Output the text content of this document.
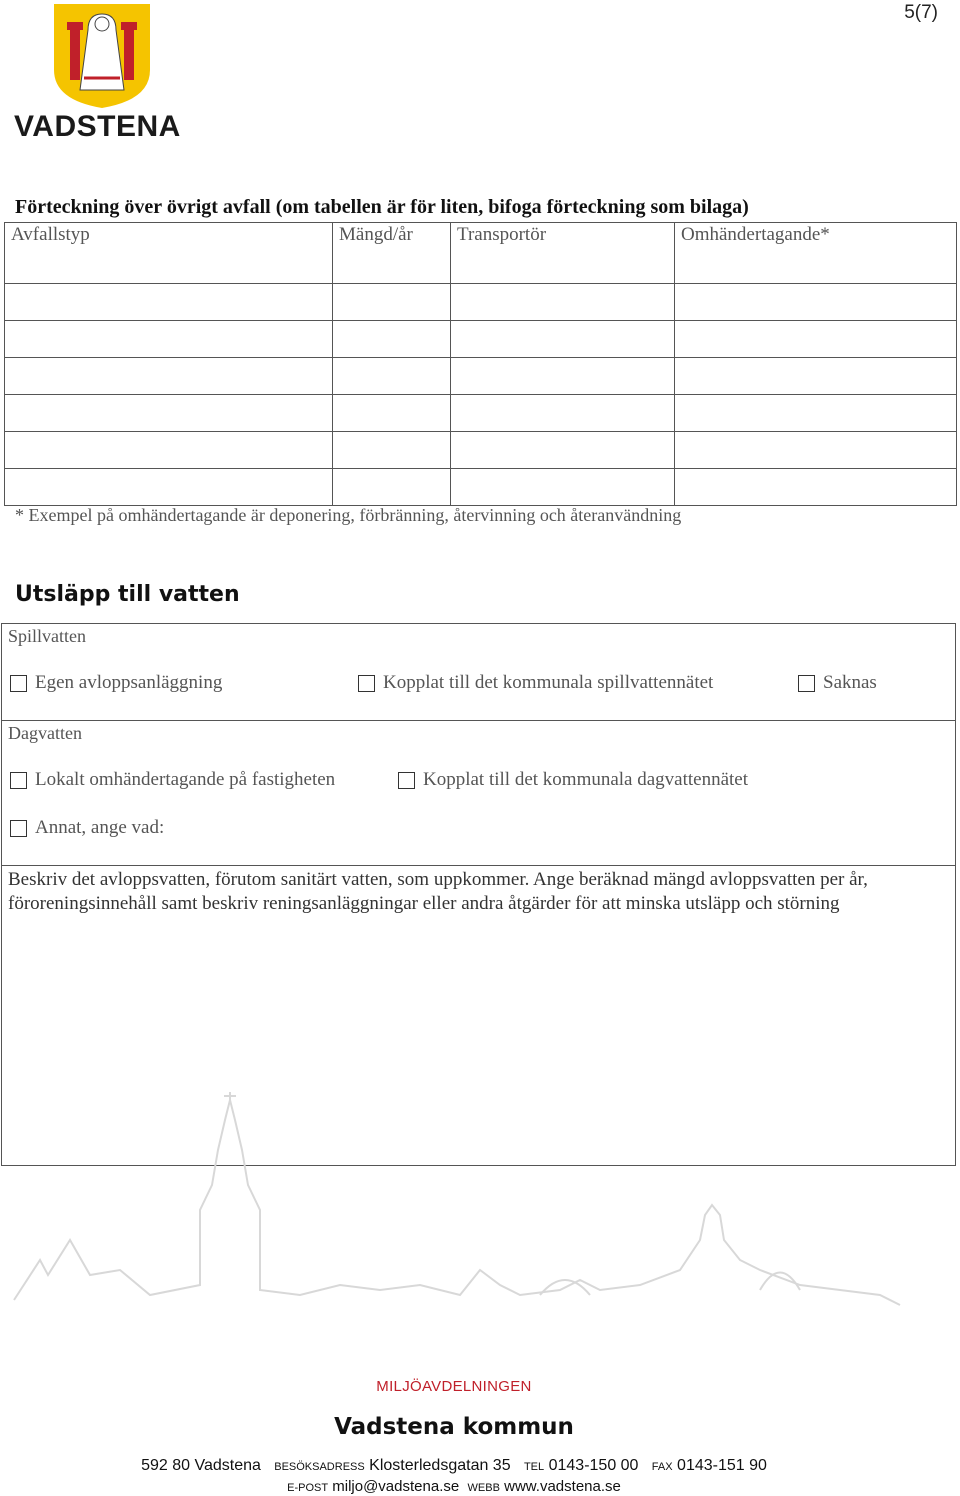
5(7)
VADSTENA
Förteckning över övrigt avfall (om tabellen är för liten, bifoga förteckning som bilaga)
Avfallstyp	Mängd/år	Transportör	Omhändertagande*

* Exempel på omhändertagande är deponering, förbränning, återvinning och återanvändning
Utsläpp till vatten
Spillvatten
Egen avloppsanläggning	Kopplat till det kommunala spillvattennätet	Saknas
Dagvatten
Lokalt omhändertagande på fastigheten	Kopplat till det kommunala dagvattennätet
Annat, ange vad:
Beskriv det avloppsvatten, förutom sanitärt vatten, som uppkommer. Ange beräknad mängd avloppsvatten per år, föroreningsinnehåll samt beskriv reningsanläggningar eller andra åtgärder för att minska utsläpp och störning
MILJÖAVDELNINGEN
Vadstena kommun
592 80 Vadstena BESÖKSADRESS Klosterledsgatan 35 TEL 0143-150 00 FAX 0143-151 90
E-POST miljo@vadstena.se WEBB www.vadstena.se
